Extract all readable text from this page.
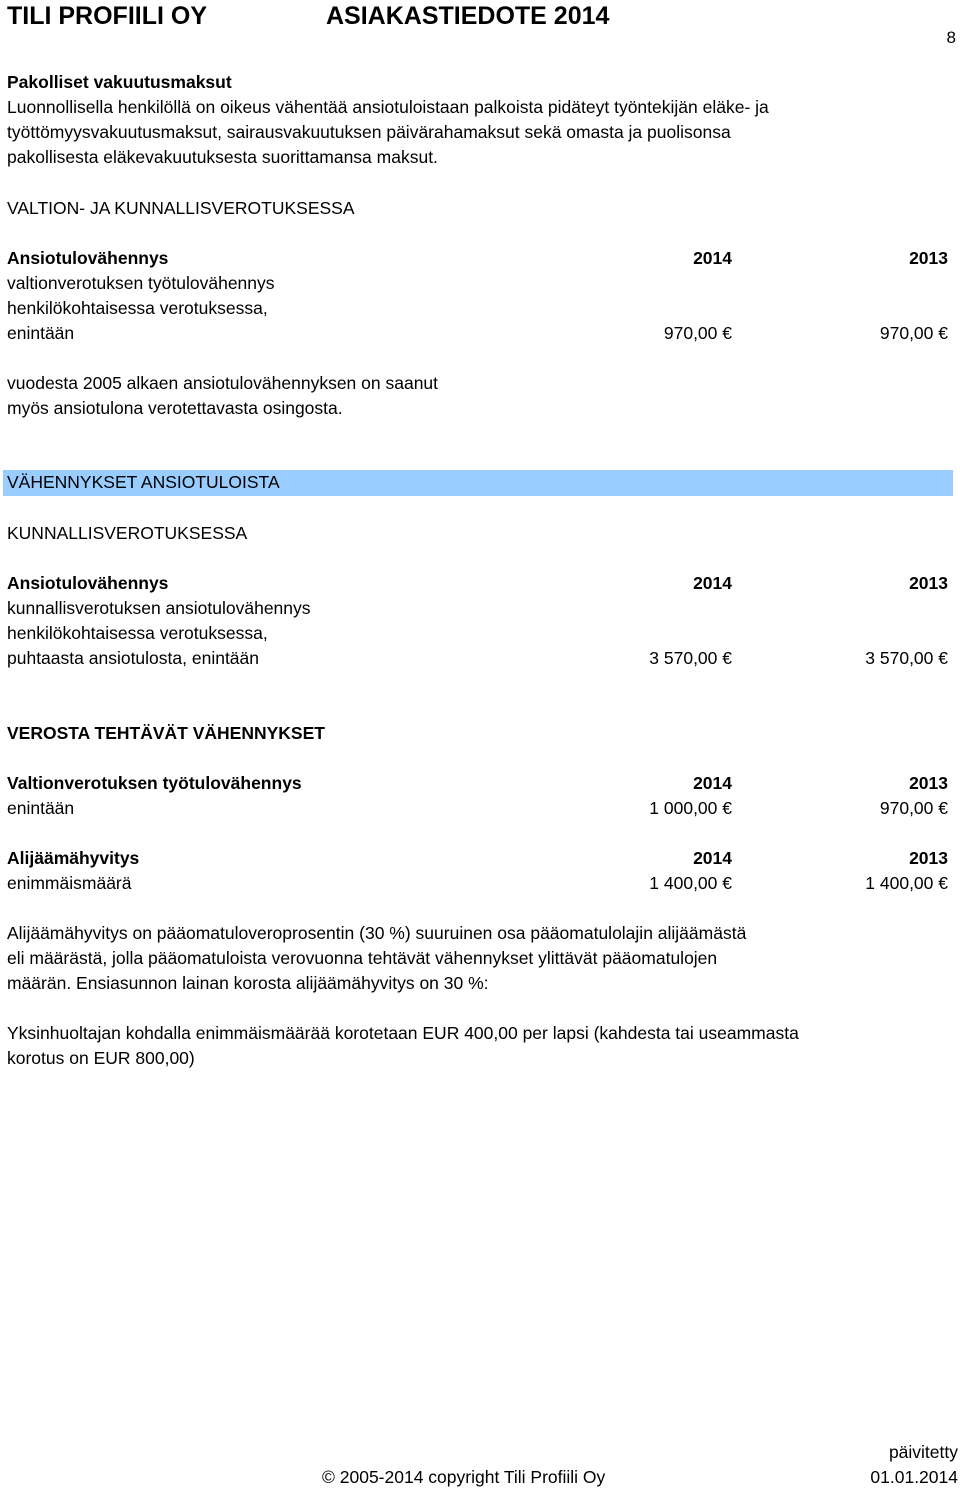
TILI PROFIILI OY	ASIAKASTIEDOTE 2014
8
Pakolliset vakuutusmaksut
Luonnollisella henkilöllä on oikeus vähentää ansiotuloistaan palkoista pidäteyt työntekijän eläke- ja
työttömyysvakuutusmaksut, sairausvakuutuksen päivärahamaksut sekä omasta ja puolisonsa
pakollisesta eläkevakuutuksesta suorittamansa maksut.
VALTION- JA KUNNALLISVEROTUKSESSA
Ansiotulovähennys	2014	2013
valtionverotuksen työtulovähennys
henkilökohtaisessa verotuksessa,
enintään	970,00 €	970,00 €
vuodesta 2005 alkaen ansiotulovähennyksen on saanut
myös ansiotulona verotettavasta osingosta.
VÄHENNYKSET ANSIOTULOISTA
KUNNALLISVEROTUKSESSA
Ansiotulovähennys	2014	2013
kunnallisverotuksen ansiotulovähennys
henkilökohtaisessa verotuksessa,
puhtaasta ansiotulosta, enintään	3 570,00 €	3 570,00 €
VEROSTA TEHTÄVÄT VÄHENNYKSET
Valtionverotuksen työtulovähennys	2014	2013
enintään	1 000,00 €	970,00 €
Alijäämähyvitys	2014	2013
enimmäismäärä	1 400,00 €	1 400,00 €
Alijäämähyvitys on pääomatuloveroprosentin (30 %) suuruinen osa pääomatulolajin alijäämästä
eli määrästä, jolla pääomatuloista verovuonna tehtävät vähennykset ylittävät pääomatulojen
määrän. Ensiasunnon lainan korosta alijäämähyvitys on 30 %:
Yksinhuoltajan kohdalla enimmäismäärää korotetaan EUR 400,00 per lapsi (kahdesta tai useammasta
korotus on EUR 800,00)
päivitetty
© 2005-2014 copyright Tili Profiili Oy	01.01.2014
